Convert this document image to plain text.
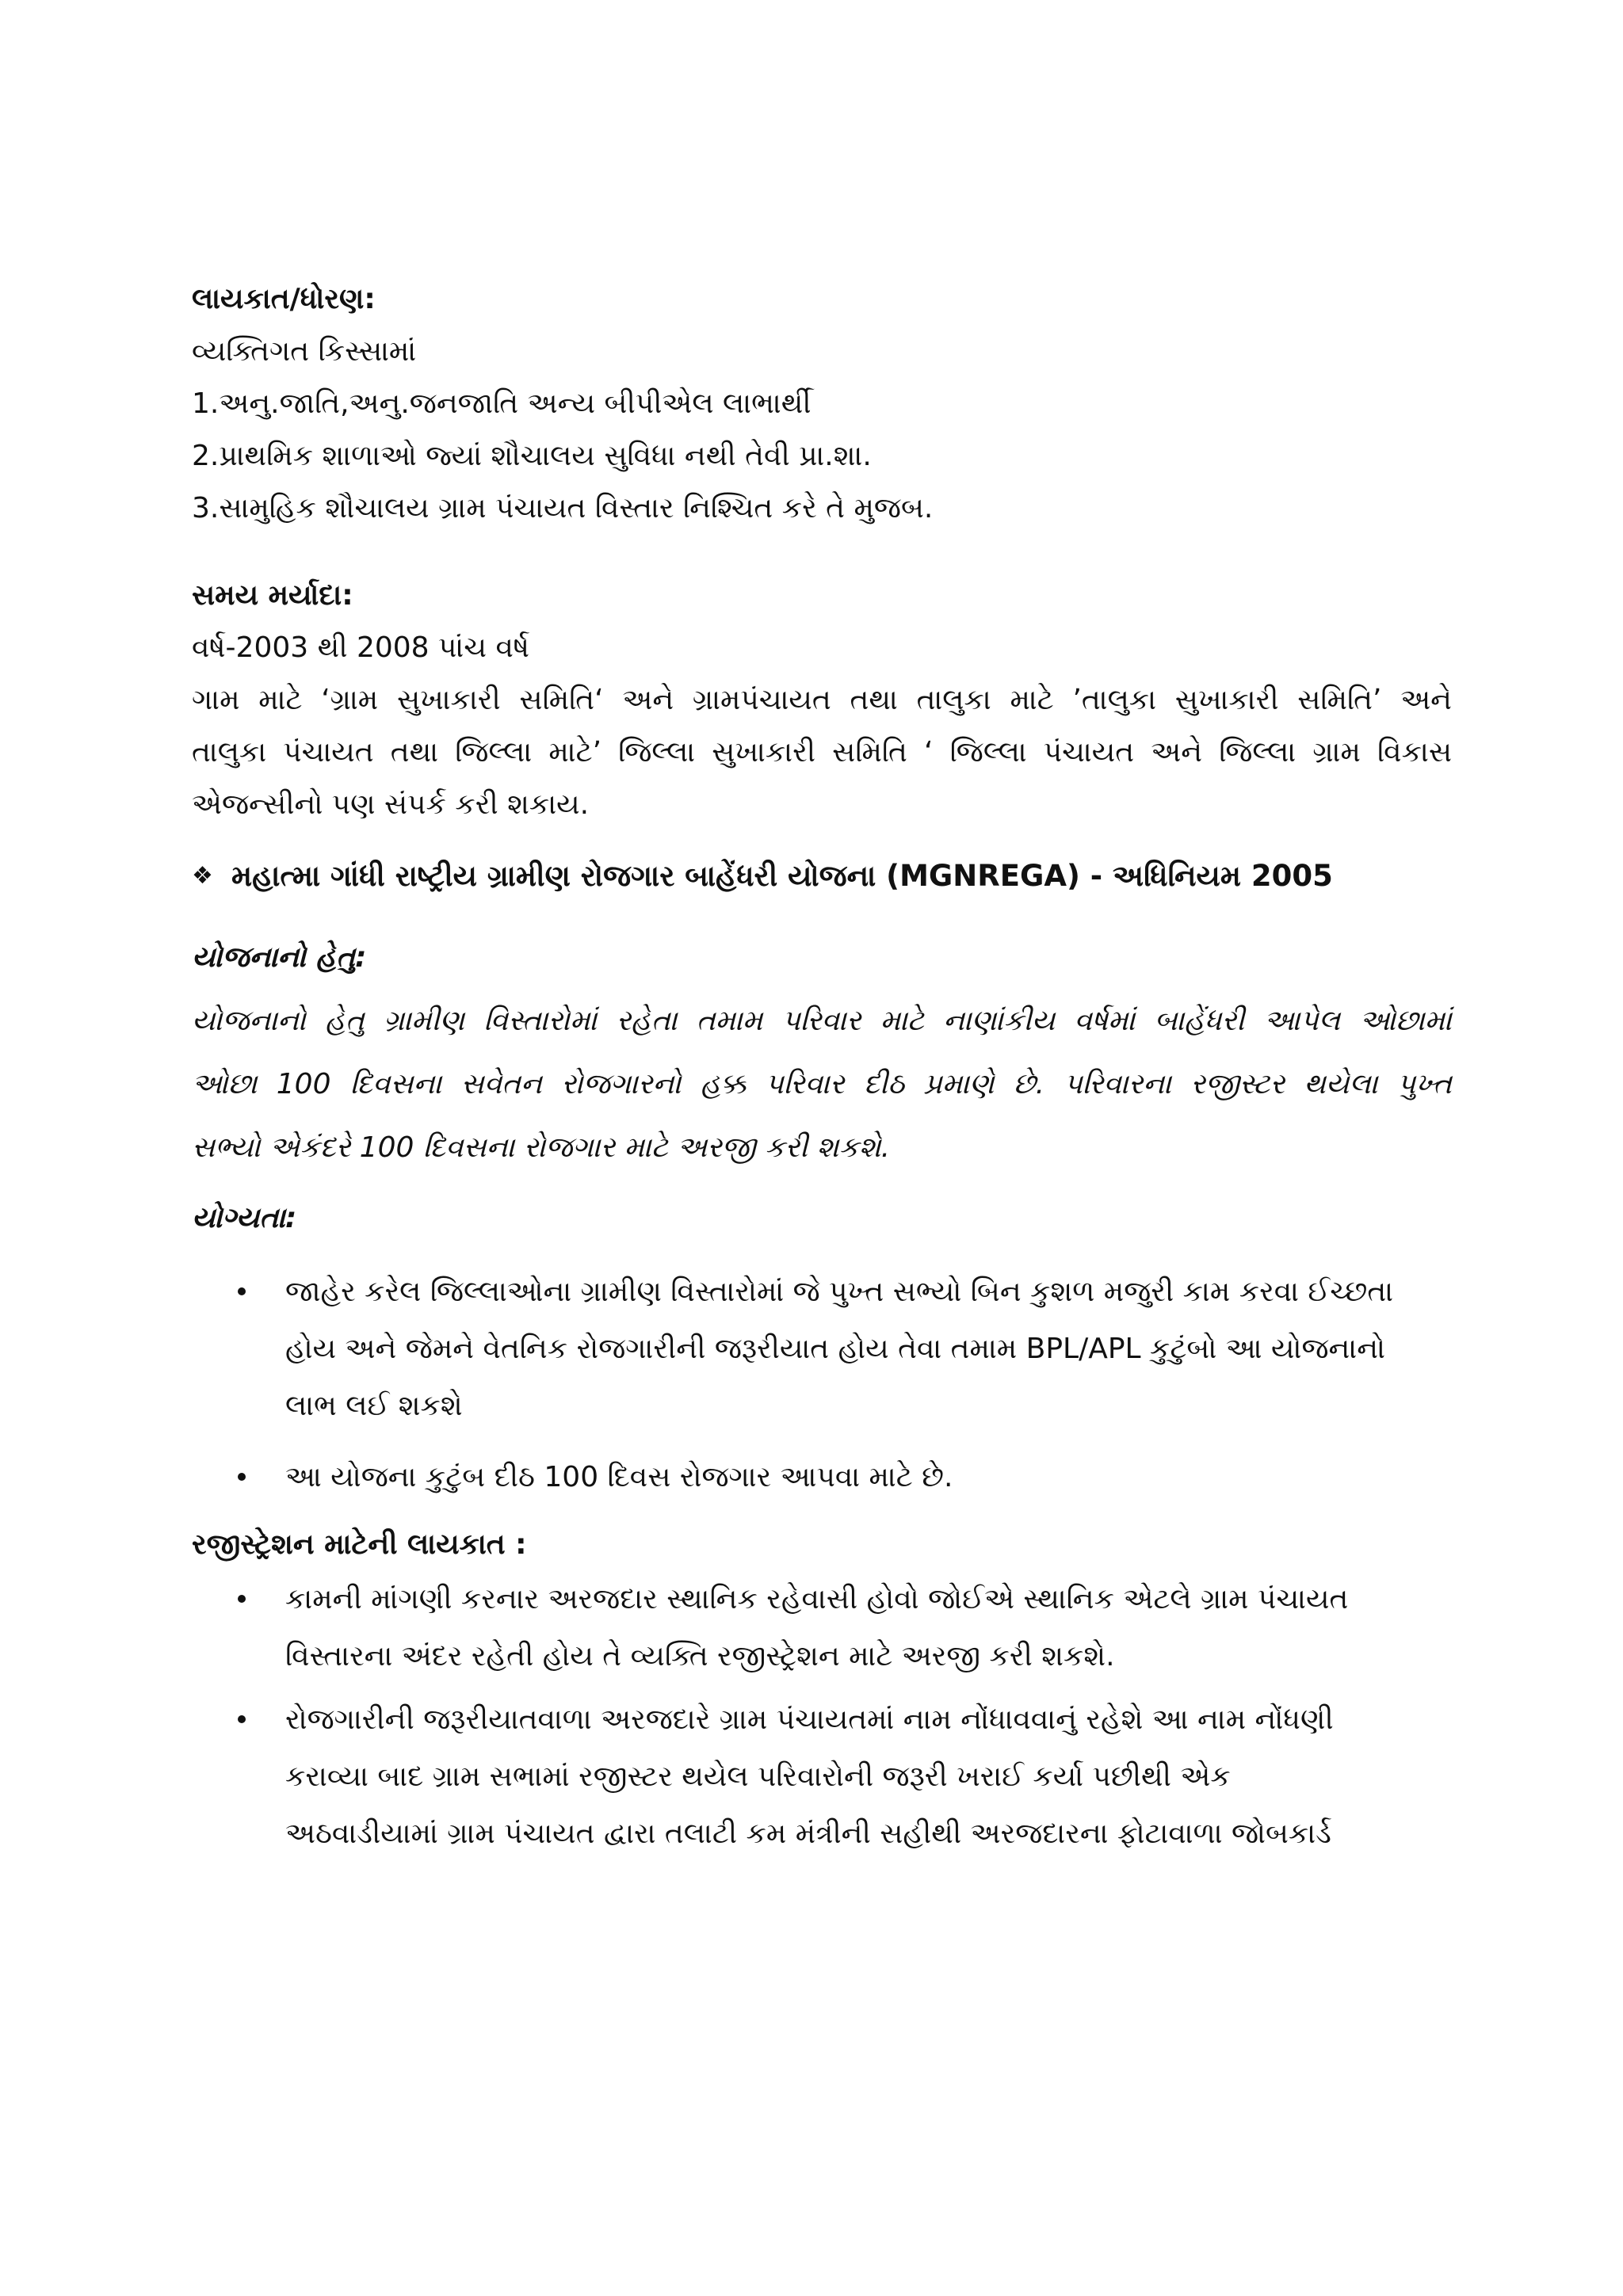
લાયકાત/ધોરણ:
વ્યક્તિગત કિસ્સામાં
1.અનુ.જાતિ,અનુ.જનજાતિ અન્ય બીપીએલ લાભાર્થી
2.પ્રાથમિક શાળાઓ જ્યાં શૌચાલય સુવિધા નથી તેવી પ્રા.શા.
3.સામુહિક શૌચાલય ગ્રામ પંચાયત વિસ્તાર નિશ્ચિત કરે તે મુજબ.
સમય મર્યાદા:
વર્ષ-2003 થી 2008 પાંચ વર્ષ
ગામ માટે ‘ગ્રામ સુખાકારી સમિતિ‘ અને ગ્રામપંચાયત તથા તાલુકા માટે ’તાલુકા સુખાકારી સમિતિ’ અને
તાલુકા પંચાયત તથા જિલ્લા માટે’ જિલ્લા સુખાકારી સમિતિ ‘ જિલ્લા પંચાયત અને જિલ્લા ગ્રામ વિકાસ
એજન્સીનો પણ સંપર્ક કરી શકાય.
❖ મહાત્મા ગાંધી રાષ્ટ્રીય ગ્રામીણ રોજગાર બાહેંધરી યોજના (MGNREGA) - અધિનિયમ 2005
યોજનાનો હેતુ:
યોજનાનો હેતુ ગ્રામીણ વિસ્તારોમાં રહેતા તમામ પરિવાર માટે નાણાંકીય વર્ષમાં બાહેંધરી આપેલ ઓછામાં
ઓછા 100 દિવસના સવેતન રોજગારનો હક્ક પરિવાર દીઠ પ્રમાણે છે. પરિવારના રજીસ્ટર થયેલા પુખ્ત
સભ્યો એકંદરે 100 દિવસના રોજગાર માટે અરજી કરી શકશે.
યોગ્યતા:
જાહેર કરેલ જિલ્લાઓના ગ્રામીણ વિસ્તારોમાં જે પુખ્ત સભ્યો બિન કુશળ મજુરી કામ કરવા ઈચ્છતા
હોય અને જેમને વેતનિક રોજગારીની જરૂરીયાત હોય તેવા તમામ BPL/APL કુટુંબો આ યોજનાનો
લાભ લઈ શકશે
આ યોજના કુટુંબ દીઠ 100 દિવસ રોજગાર આપવા માટે છે.
રજીસ્ટ્રેશન માટેની લાયકાત :
કામની માંગણી કરનાર અરજદાર સ્થાનિક રહેવાસી હોવો જોઈએ સ્થાનિક એટલે ગ્રામ પંચાયત
વિસ્તારના અંદર રહેતી હોય તે વ્યક્તિ રજીસ્ટ્રેશન માટે અરજી કરી શકશે.
રોજગારીની જરૂરીયાતવાળા અરજદારે ગ્રામ પંચાયતમાં નામ નોંધાવવાનું રહેશે આ નામ નોંધણી
કરાવ્યા બાદ ગ્રામ સભામાં રજીસ્ટર થયેલ પરિવારોની જરૂરી ખરાઈ કર્યા પછીથી એક
અઠવાડીયામાં ગ્રામ પંચાયત દ્વારા તલાટી કમ મંત્રીની સહીથી અરજદારના ફોટાવાળા જોબકાર્ડ
